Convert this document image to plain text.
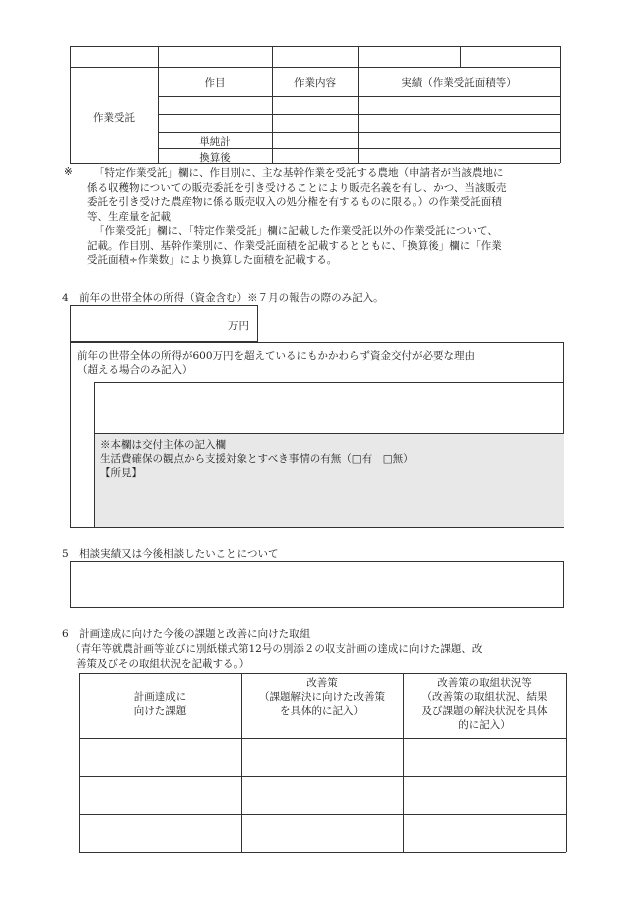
作業受託
作目	作業内容	実績（作業受託面積等）
単純計
換算後
※ 「特定作業受託」欄に、作目別に、主な基幹作業を受託する農地（申請者が当該農地に
係る収穫物についての販売委託を引き受けることにより販売名義を有し、かつ、当該販売
委託を引き受けた農産物に係る販売収入の処分権を有するものに限る。）の作業受託面積
等、生産量を記載
「作業受託」欄に、「特定作業受託」欄に記載した作業受託以外の作業受託について、
記載。作目別、基幹作業別に、作業受託面積を記載するとともに、「換算後」欄に「作業
受託面積÷作業数」により換算した面積を記載する。
4　前年の世帯全体の所得（資金含む）※７月の報告の際のみ記入。
万円
前年の世帯全体の所得が600万円を超えているにもかかわらず資金交付が必要な理由
（超える場合のみ記入）
※本欄は交付主体の記入欄
生活費確保の観点から支援対象とすべき事情の有無（□有　□無）
【所見】
5　相談実績又は今後相談したいことについて
6　計画達成に向けた今後の課題と改善に向けた取組
（青年等就農計画等並びに別紙様式第12号の別添２の収支計画の達成に向けた課題、改
善策及びその取組状況を記載する。）
計画達成に
向けた課題
改善策
（課題解決に向けた改善策
を具体的に記入）
改善策の取組状況等
（改善策の取組状況、結果
及び課題の解決状況を具体
的に記入）
